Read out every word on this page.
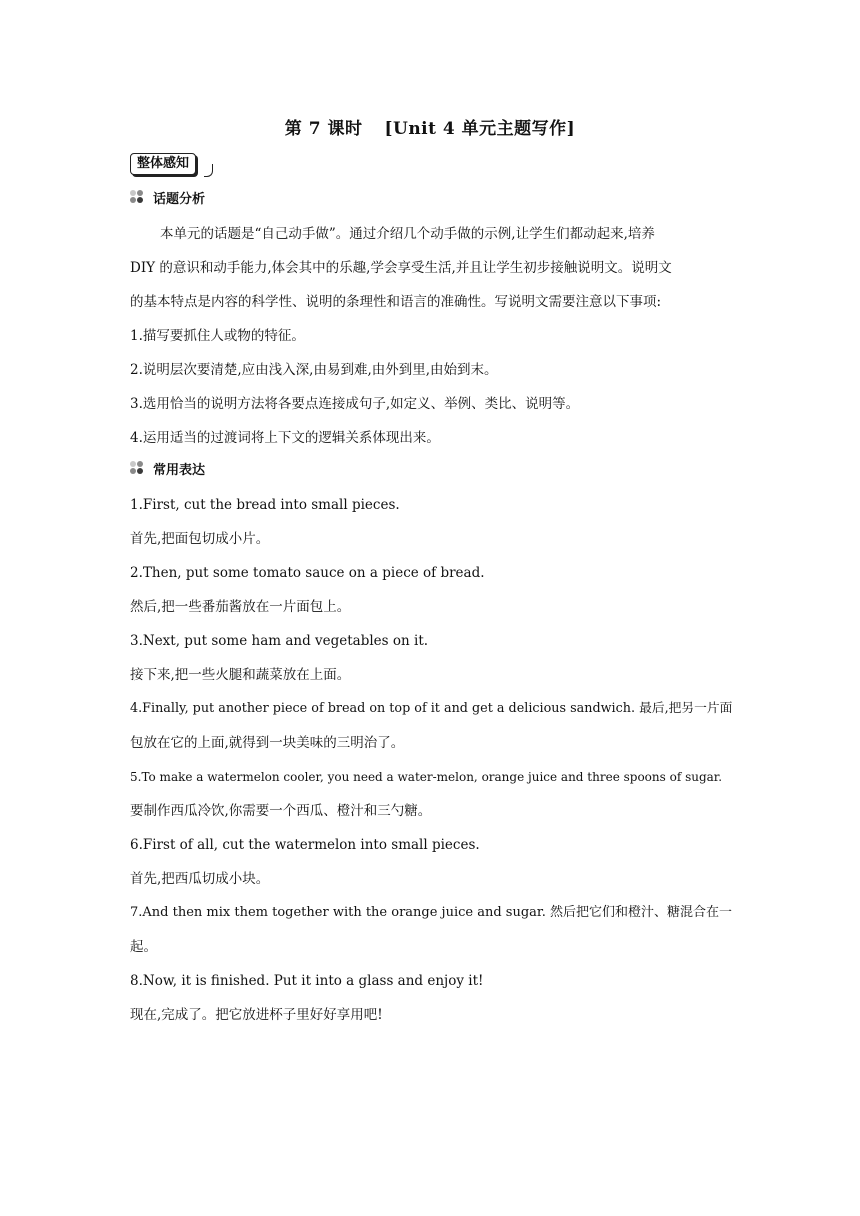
第 7 课时 [Unit 4 单元主题写作]
整体感知
话题分析
本单元的话题是“自己动手做”。通过介绍几个动手做的示例,让学生们都动起来,培养
DIY 的意识和动手能力,体会其中的乐趣,学会享受生活,并且让学生初步接触说明文。说明文
的基本特点是内容的科学性、说明的条理性和语言的准确性。写说明文需要注意以下事项:
1.描写要抓住人或物的特征。
2.说明层次要清楚,应由浅入深,由易到难,由外到里,由始到末。
3.选用恰当的说明方法将各要点连接成句子,如定义、举例、类比、说明等。
4.运用适当的过渡词将上下文的逻辑关系体现出来。
常用表达
1.First, cut the bread into small pieces.
首先,把面包切成小片。
2.Then, put some tomato sauce on a piece of bread.
然后,把一些番茄酱放在一片面包上。
3.Next, put some ham and vegetables on it.
接下来,把一些火腿和蔬菜放在上面。
4.Finally, put another piece of bread on top of it and get a delicious sandwich. 最后,把另一片面
包放在它的上面,就得到一块美味的三明治了。
5.To make a watermelon cooler, you need a water-melon, orange juice and three spoons of sugar.
要制作西瓜冷饮,你需要一个西瓜、橙汁和三勺糖。
6.First of all, cut the watermelon into small pieces.
首先,把西瓜切成小块。
7.And then mix them together with the orange juice and sugar. 然后把它们和橙汁、糖混合在一
起。
8.Now, it is finished. Put it into a glass and enjoy it!
现在,完成了。把它放进杯子里好好享用吧!
